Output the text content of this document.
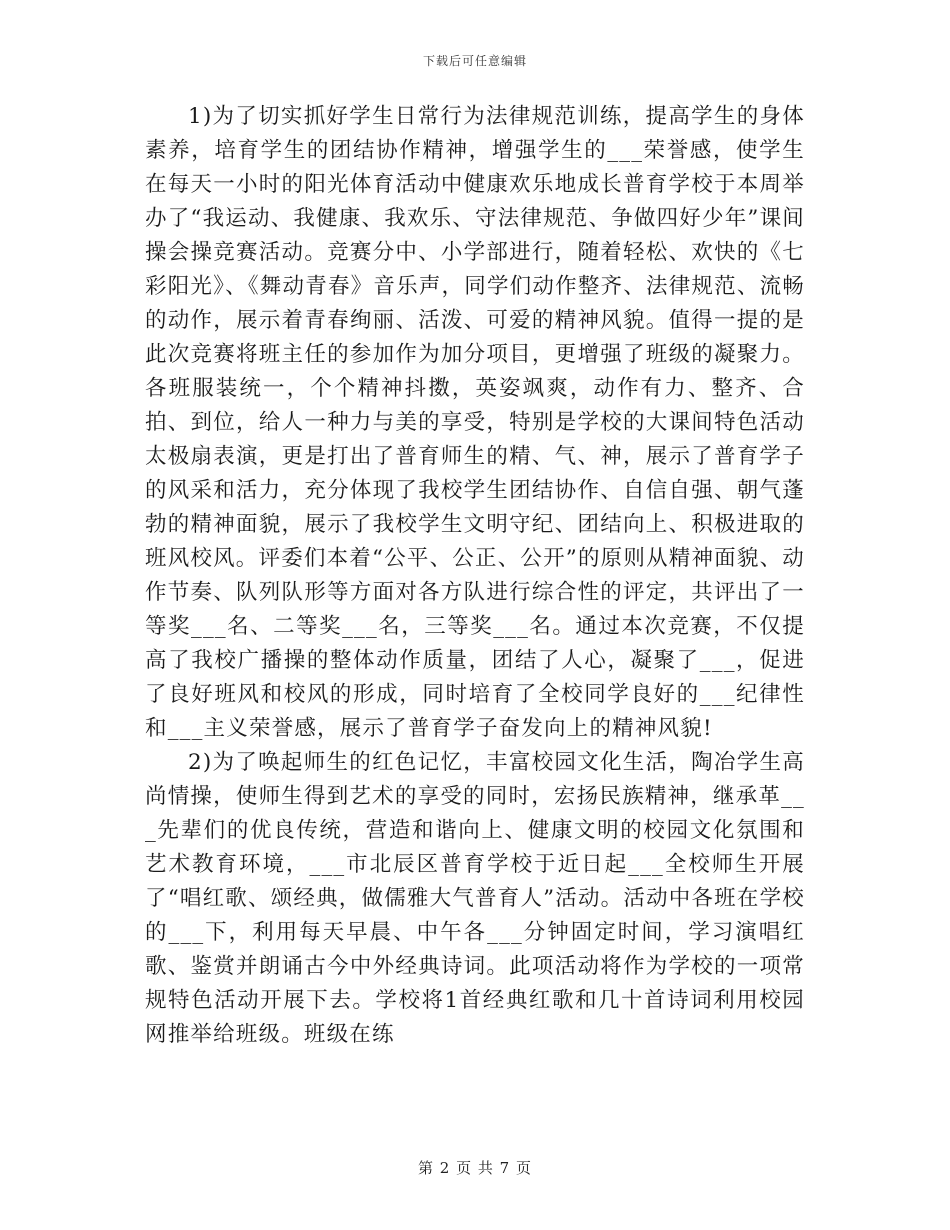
下载后可任意编辑

1)为了切实抓好学生日常行为法律规范训练，提高学生的身体素养，培育学生的团结协作精神，增强学生的___荣誉感，使学生在每天一小时的阳光体育活动中健康欢乐地成长普育学校于本周举办了“我运动、我健康、我欢乐、守法律规范、争做四好少年”课间操会操竞赛活动。竞赛分中、小学部进行，随着轻松、欢快的《七彩阳光》、《舞动青春》音乐声，同学们动作整齐、法律规范、流畅的动作，展示着青春绚丽、活泼、可爱的精神风貌。值得一提的是此次竞赛将班主任的参加作为加分项目，更增强了班级的凝聚力。各班服装统一，个个精神抖擞，英姿飒爽，动作有力、整齐、合拍、到位，给人一种力与美的享受，特别是学校的大课间特色活动太极扇表演，更是打出了普育师生的精、气、神，展示了普育学子的风采和活力，充分体现了我校学生团结协作、自信自强、朝气蓬勃的精神面貌，展示了我校学生文明守纪、团结向上、积极进取的班风校风。评委们本着“公平、公正、公开”的原则从精神面貌、动作节奏、队列队形等方面对各方队进行综合性的评定，共评出了一等奖___名、二等奖___名，三等奖___名。通过本次竞赛，不仅提高了我校广播操的整体动作质量，团结了人心，凝聚了___，促进了良好班风和校风的形成，同时培育了全校同学良好的___纪律性和___主义荣誉感，展示了普育学子奋发向上的精神风貌!

2)为了唤起师生的红色记忆，丰富校园文化生活，陶冶学生高尚情操，使师生得到艺术的享受的同时，宏扬民族精神，继承革___先辈们的优良传统，营造和谐向上、健康文明的校园文化氛围和艺术教育环境，___市北辰区普育学校于近日起___全校师生开展了“唱红歌、颂经典，做儒雅大气普育人”活动。活动中各班在学校的___下，利用每天早晨、中午各___分钟固定时间，学习演唱红歌、鉴赏并朗诵古今中外经典诗词。此项活动将作为学校的一项常规特色活动开展下去。学校将1首经典红歌和几十首诗词利用校园网推举给班级。班级在练

第 2 页 共 7 页
